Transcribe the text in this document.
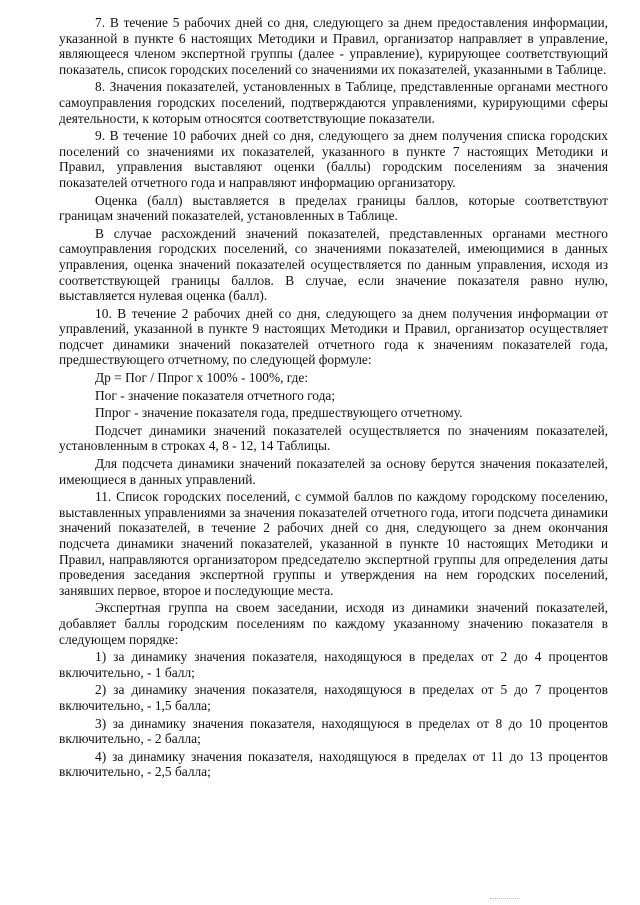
7. В течение 5 рабочих дней со дня, следующего за днем предоставления информации, указанной в пункте 6 настоящих Методики и Правил, организатор направляет в управление, являющееся членом экспертной группы (далее - управление), курирующее соответствующий показатель, список городских поселений со значениями их показателей, указанными в Таблице.

8. Значения показателей, установленных в Таблице, представленные органами местного самоуправления городских поселений, подтверждаются управлениями, курирующими сферы деятельности, к которым относятся соответствующие показатели.

9. В течение 10 рабочих дней со дня, следующего за днем получения списка городских поселений со значениями их показателей, указанного в пункте 7 настоящих Методики и Правил, управления выставляют оценки (баллы) городским поселениям за значения показателей отчетного года и направляют информацию организатору.

Оценка (балл) выставляется в пределах границы баллов, которые соответствуют границам значений показателей, установленных в Таблице.

В случае расхождений значений показателей, представленных органами местного самоуправления городских поселений, со значениями показателей, имеющимися в данных управления, оценка значений показателей осуществляется по данным управления, исходя из соответствующей границы баллов. В случае, если значение показателя равно нулю, выставляется нулевая оценка (балл).

10. В течение 2 рабочих дней со дня, следующего за днем получения информации от управлений, указанной в пункте 9 настоящих Методики и Правил, организатор осуществляет подсчет динамики значений показателей отчетного года к значениям показателей года, предшествующего отчетному, по следующей формуле:

Др = Пог / Ппрог х 100% - 100%, где:

Пог - значение показателя отчетного года;

Ппрог - значение показателя года, предшествующего отчетному.

Подсчет динамики значений показателей осуществляется по значениям показателей, установленным в строках 4, 8 - 12, 14 Таблицы.

Для подсчета динамики значений показателей за основу берутся значения показателей, имеющиеся в данных управлений.

11. Список городских поселений, с суммой баллов по каждому городскому поселению, выставленных управлениями за значения показателей отчетного года, итоги подсчета динамики значений показателей, в течение 2 рабочих дней со дня, следующего за днем окончания подсчета динамики значений показателей, указанной в пункте 10 настоящих Методики и Правил, направляются организатором председателю экспертной группы для определения даты проведения заседания экспертной группы и утверждения на нем городских поселений, занявших первое, второе и последующие места.

Экспертная группа на своем заседании, исходя из динамики значений показателей, добавляет баллы городским поселениям по каждому указанному значению показателя в следующем порядке:

1) за динамику значения показателя, находящуюся в пределах от 2 до 4 процентов включительно, - 1 балл;

2) за динамику значения показателя, находящуюся в пределах от 5 до 7 процентов включительно, - 1,5 балла;

3) за динамику значения показателя, находящуюся в пределах от 8 до 10 процентов включительно, - 2 балла;

4) за динамику значения показателя, находящуюся в пределах от 11 до 13 процентов включительно, - 2,5 балла;
